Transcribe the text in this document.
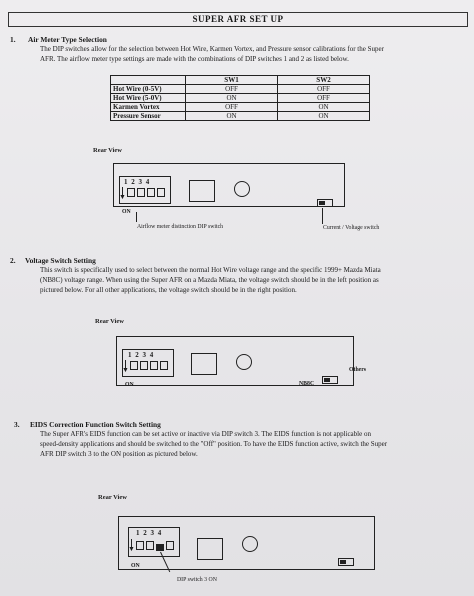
SUPER AFR SET UP
1. Air Meter Type Selection
The DIP switches allow for the selection between Hot Wire, Karmen Vortex, and Pressure sensor calibrations for the Super
AFR. The airflow meter type settings are made with the combinations of DIP switches 1 and 2 as listed below.
	SW1	SW2
Hot Wire (0-5V)	OFF	OFF
Hot Wire (5-0V)	ON	OFF
Karmen Vortex	OFF	ON
Pressure Sensor	ON	ON
Rear View
1 2 3 4
▼
ON
Airflow meter distinction DIP switch	Current / Voltage switch
2. Voltage Switch Setting
This switch is specifically used to select between the normal Hot Wire voltage range and the specific 1999+ Mazda Miata
(NB8C) voltage range. When using the Super AFR on a Mazda Miata, the voltage switch should be in the left position as
pictured below. For all other applications, the voltage switch should be in the right position.
Rear View
1 2 3 4
▼
ON	NB8C
Others
3. EIDS Correction Function Switch Setting
The Super AFR's EIDS function can be set active or inactive via DIP switch 3. The EIDS function is not applicable on
speed-density applications and should be switched to the "Off" position. To have the EIDS function active, switch the Super
AFR DIP switch 3 to the ON position as pictured below.
Rear View
1 2 3 4
▼
ON
DIP switch 3 ON
